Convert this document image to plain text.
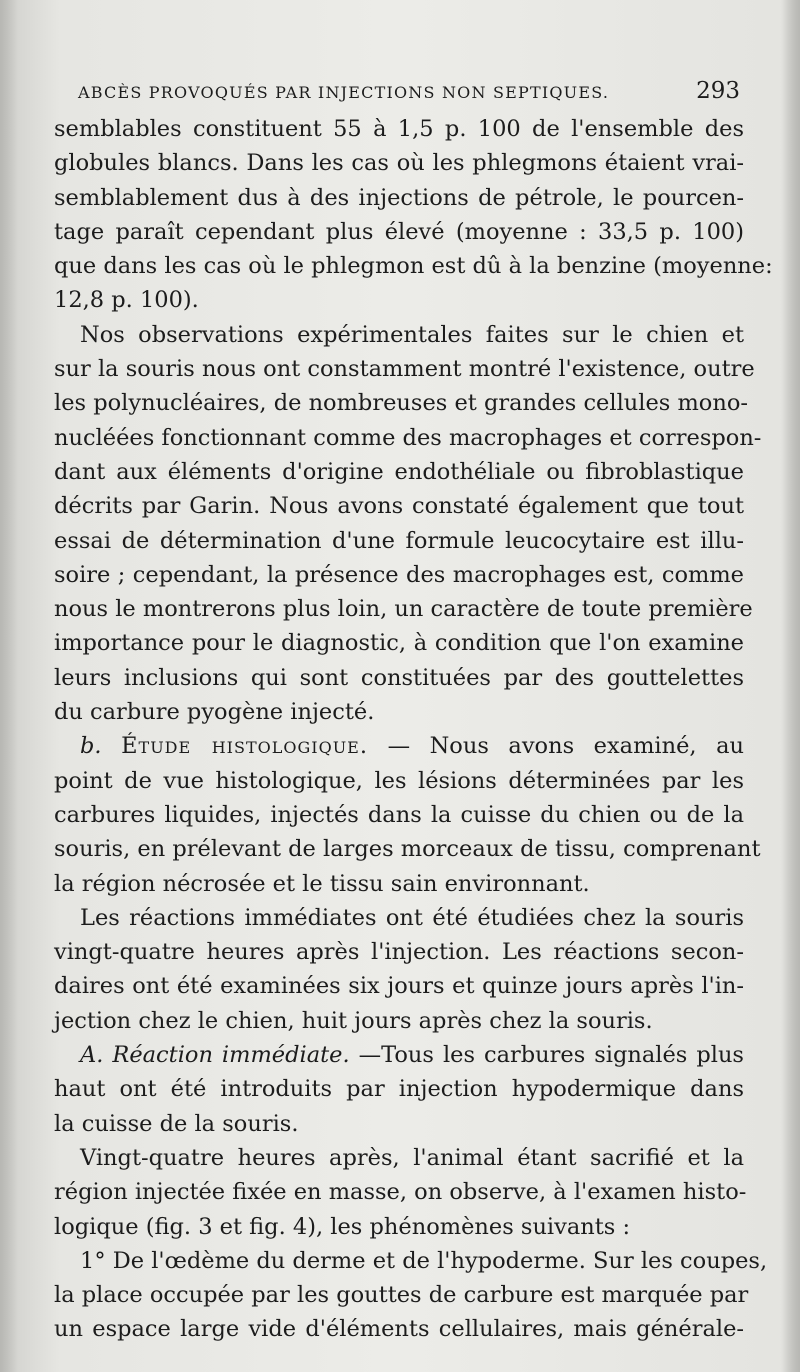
ABCÈS PROVOQUÉS PAR INJECTIONS NON SEPTIQUES.	293
semblables constituent 55 à 1,5 p. 100 de l'ensemble des
globules blancs. Dans les cas où les phlegmons étaient vrai-
semblablement dus à des injections de pétrole, le pourcen-
tage paraît cependant plus élevé (moyenne : 33,5 p. 100)
que dans les cas où le phlegmon est dû à la benzine (moyenne:
12,8 p. 100).
Nos observations expérimentales faites sur le chien et
sur la souris nous ont constamment montré l'existence, outre
les polynucléaires, de nombreuses et grandes cellules mono-
nucléées fonctionnant comme des macrophages et correspon-
dant aux éléments d'origine endothéliale ou fibroblastique
décrits par Garin. Nous avons constaté également que tout
essai de détermination d'une formule leucocytaire est illu-
soire ; cependant, la présence des macrophages est, comme
nous le montrerons plus loin, un caractère de toute première
importance pour le diagnostic, à condition que l'on examine
leurs inclusions qui sont constituées par des gouttelettes
du carbure pyogène injecté.
b. Étude histologique. — Nous avons examiné, au
point de vue histologique, les lésions déterminées par les
carbures liquides, injectés dans la cuisse du chien ou de la
souris, en prélevant de larges morceaux de tissu, comprenant
la région nécrosée et le tissu sain environnant.
Les réactions immédiates ont été étudiées chez la souris
vingt-quatre heures après l'injection. Les réactions secon-
daires ont été examinées six jours et quinze jours après l'in-
jection chez le chien, huit jours après chez la souris.
A. Réaction immédiate. —Tous les carbures signalés plus
haut ont été introduits par injection hypodermique dans
la cuisse de la souris.
Vingt-quatre heures après, l'animal étant sacrifié et la
région injectée fixée en masse, on observe, à l'examen histo-
logique (fig. 3 et fig. 4), les phénomènes suivants :
1° De l'œdème du derme et de l'hypoderme. Sur les coupes,
la place occupée par les gouttes de carbure est marquée par
un espace large vide d'éléments cellulaires, mais générale-
